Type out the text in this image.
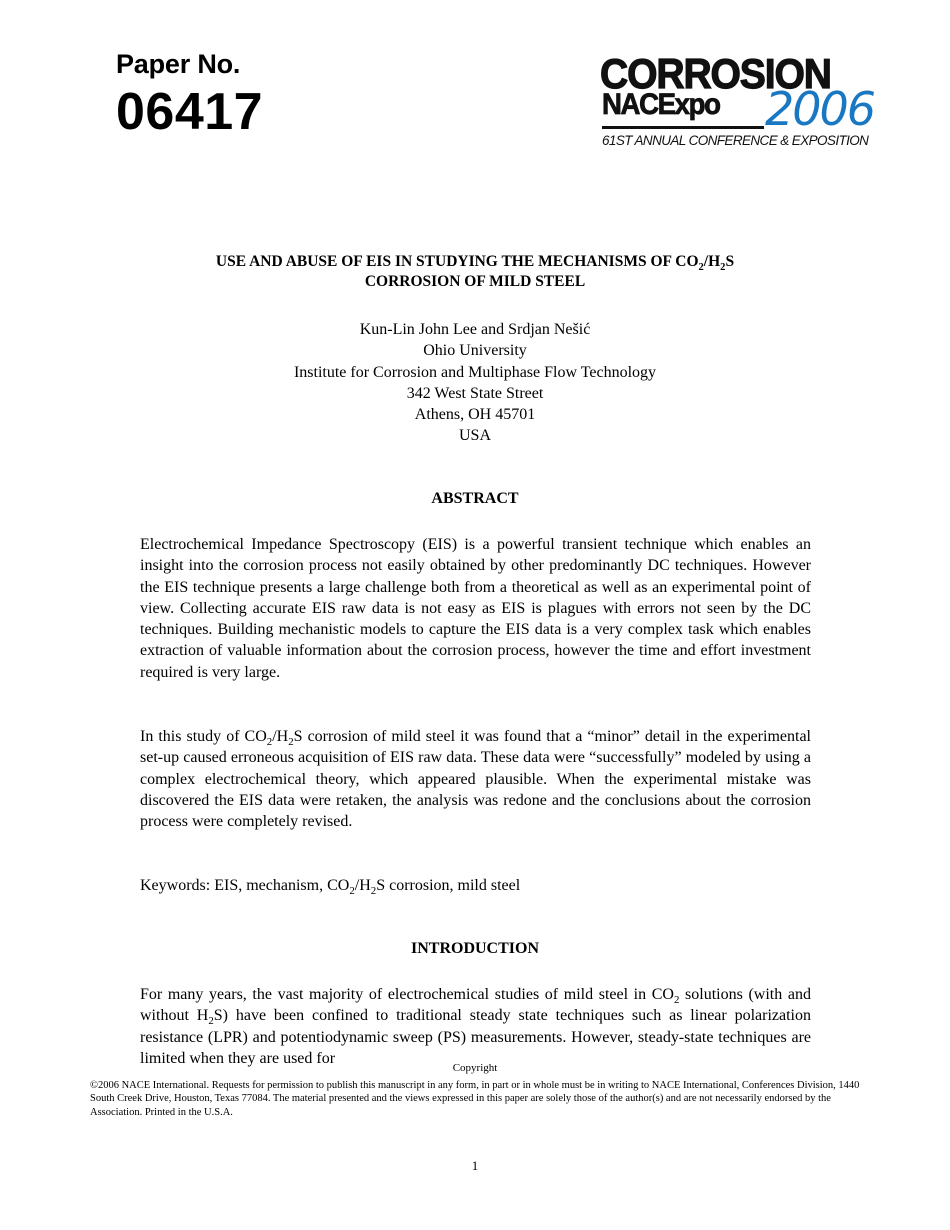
Paper No.
06417
CORROSION
NACExpo 2006
61ST ANNUAL CONFERENCE & EXPOSITION
USE AND ABUSE OF EIS IN STUDYING THE MECHANISMS OF $CO_2/H_2S$
CORROSION OF MILD STEEL
Kun-Lin John Lee and Srdjan Nešić
Ohio University
Institute for Corrosion and Multiphase Flow Technology
342 West State Street
Athens, OH 45701
USA
ABSTRACT
Electrochemical Impedance Spectroscopy (EIS) is a powerful transient technique which enables an insight into the corrosion process not easily obtained by other predominantly DC techniques. However the EIS technique presents a large challenge both from a theoretical as well as an experimental point of view. Collecting accurate EIS raw data is not easy as EIS is plagues with errors not seen by the DC techniques. Building mechanistic models to capture the EIS data is a very complex task which enables extraction of valuable information about the corrosion process, however the time and effort investment required is very large.
In this study of $CO_2/H_2S$ corrosion of mild steel it was found that a “minor” detail in the experimental set-up caused erroneous acquisition of EIS raw data. These data were “successfully” modeled by using a complex electrochemical theory, which appeared plausible. When the experimental mistake was discovered the EIS data were retaken, the analysis was redone and the conclusions about the corrosion process were completely revised.
Keywords: EIS, mechanism, $CO_2/H_2S$ corrosion, mild steel
INTRODUCTION
For many years, the vast majority of electrochemical studies of mild steel in $CO_2$ solutions (with and without $H_2S$) have been confined to traditional steady state techniques such as linear polarization resistance (LPR) and potentiodynamic sweep (PS) measurements. However, steady-state techniques are limited when they are used for
Copyright
©2006 NACE International. Requests for permission to publish this manuscript in any form, in part or in whole must be in writing to NACE International, Conferences Division, 1440 South Creek Drive, Houston, Texas 77084. The material presented and the views expressed in this paper are solely those of the author(s) and are not necessarily endorsed by the Association. Printed in the U.S.A.
1
